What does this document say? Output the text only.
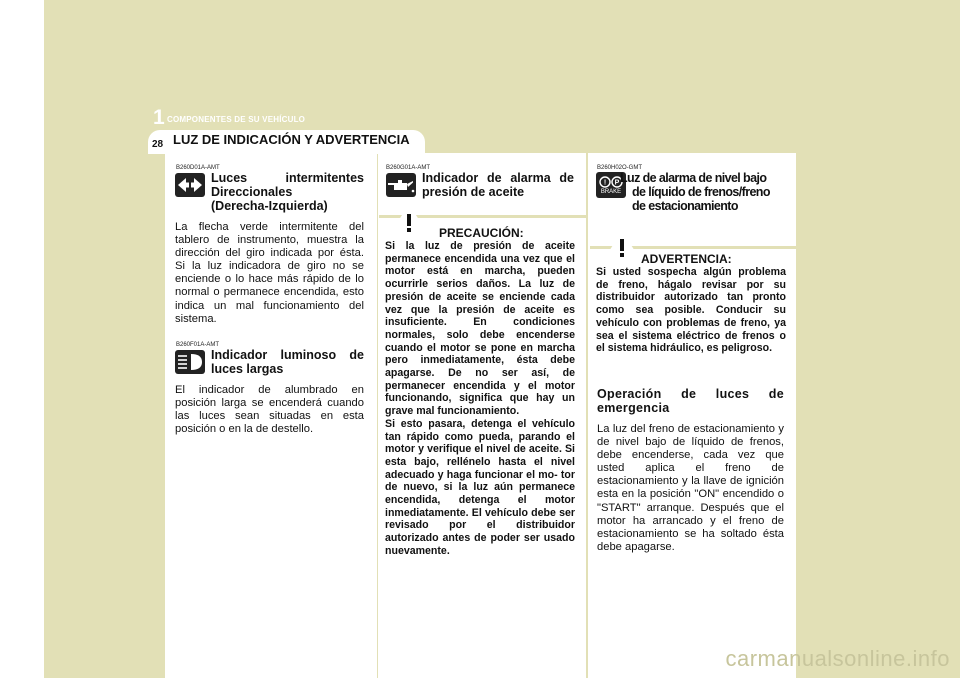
1 COMPONENTES DE SU VEHÍCULO
28 LUZ DE INDICACIÓN Y ADVERTENCIA
B260D01A-AMT
Luces intermitentes
Direccionales
(Derecha-Izquierda)
La flecha verde intermitente del tablero de instrumento, muestra la dirección del giro indicada por ésta. Si la luz indicadora de giro no se enciende o lo hace más rápido de lo normal o permanece encendida, esto indica un mal funcionamiento del sistema.
B260F01A-AMT
Indicador luminoso de
luces largas
El indicador de alumbrado en posición larga se encenderá cuando las luces sean situadas en esta posición o en la de destello.
B260G01A-AMT
Indicador de alarma de
presión de aceite
PRECAUCIÓN:
Si la luz de presión de aceite permanece encendida una vez que el motor está en marcha, pueden ocurrirle serios daños. La luz de presión de aceite se enciende cada vez que la presión de aceite es insuficiente. En condiciones normales, solo debe encenderse cuando el motor se pone en marcha pero inmediatamente, ésta debe apagarse. De no ser así, de permanecer encendida y el motor funcionando, significa que hay un grave mal funcionamiento.
Si esto pasara, detenga el vehículo tan rápido como pueda, parando el motor y verifique el nivel de aceite. Si esta bajo, rellénelo hasta el nivel adecuado y haga funcionar el mo- tor de nuevo, si la luz aún permanece encendida, detenga el motor inmediatamente. El vehículo debe ser revisado por el distribuidor autorizado antes de poder ser usado nuevamente.
B260H02O-GMT
! P
BRAKE
Luz de alarma de nivel bajo
de líquido de frenos/freno
de estacionamiento
ADVERTENCIA:
Si usted sospecha algún problema de freno, hágalo revisar por su distribuidor autorizado tan pronto como sea posible. Conducir su vehículo con problemas de freno, ya sea el sistema eléctrico de frenos o el sistema hidráulico, es peligroso.
Operación de luces de
emergencia
La luz del freno de estacionamiento y de nivel bajo de líquido de frenos, debe encenderse, cada vez que usted aplica el freno de estacionamiento y la llave de ignición esta en la posición "ON" encendido o "START" arranque. Después que el motor ha arrancado y el freno de estacionamiento se ha soltado ésta debe apagarse.
carmanualsonline.info
